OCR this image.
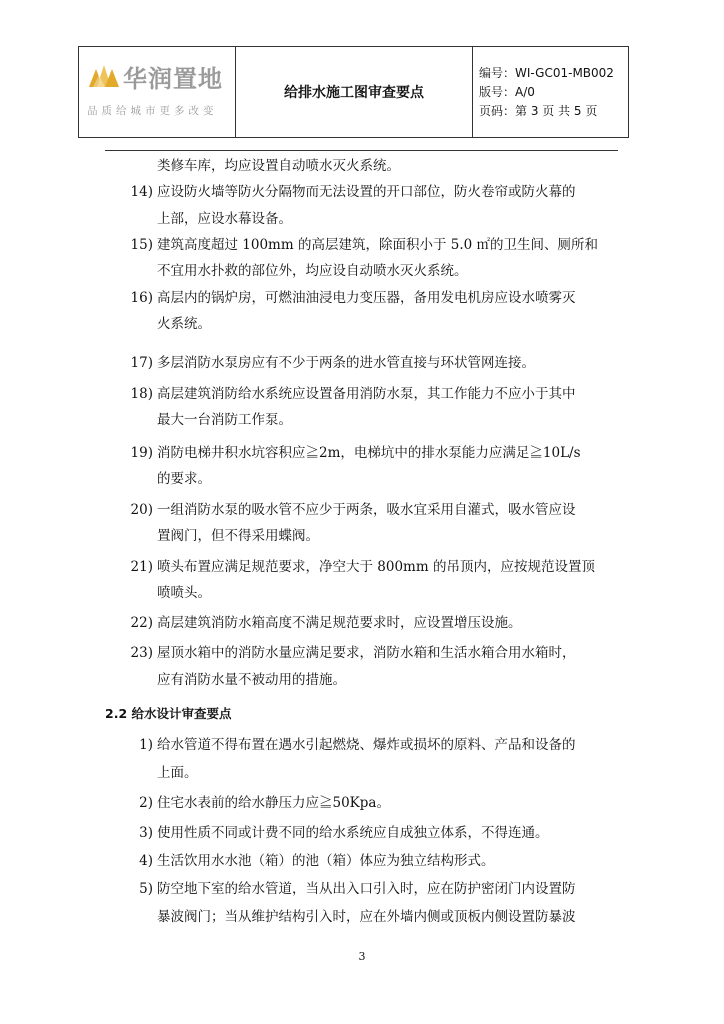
华润置地
品质给城市更多改变
	给排水施工图审查要点	
编号：WI-GC01-MB002
版号：A/0
页码：第 3 页 共 5 页
类修车库，均应设置自动喷水灭火系统。
14) 应设防火墙等防火分隔物而无法设置的开口部位，防火卷帘或防火幕的
上部，应设水幕设备。
15) 建筑高度超过 100mm 的高层建筑，除面积小于 5.0 ㎡的卫生间、厕所和
不宜用水扑救的部位外，均应设自动喷水灭火系统。
16) 高层内的锅炉房，可燃油油浸电力变压器，备用发电机房应设水喷雾灭
火系统。
17) 多层消防水泵房应有不少于两条的进水管直接与环状管网连接。
18) 高层建筑消防给水系统应设置备用消防水泵，其工作能力不应小于其中
最大一台消防工作泵。
19) 消防电梯井积水坑容积应≧2m，电梯坑中的排水泵能力应满足≧10L/s
的要求。
20) 一组消防水泵的吸水管不应少于两条，吸水宜采用自灌式，吸水管应设
置阀门，但不得采用蝶阀。
21) 喷头布置应满足规范要求，净空大于 800mm 的吊顶内，应按规范设置顶
喷喷头。
22) 高层建筑消防水箱高度不满足规范要求时，应设置增压设施。
23) 屋顶水箱中的消防水量应满足要求，消防水箱和生活水箱合用水箱时，
应有消防水量不被动用的措施。
2.2 给水设计审查要点
1) 给水管道不得布置在遇水引起燃烧、爆炸或损坏的原料、产品和设备的
上面。
2) 住宅水表前的给水静压力应≧50Kpa。
3) 使用性质不同或计费不同的给水系统应自成独立体系，不得连通。
4) 生活饮用水水池（箱）的池（箱）体应为独立结构形式。
5) 防空地下室的给水管道，当从出入口引入时，应在防护密闭门内设置防
暴波阀门；当从维护结构引入时，应在外墙内侧或顶板内侧设置防暴波
3
